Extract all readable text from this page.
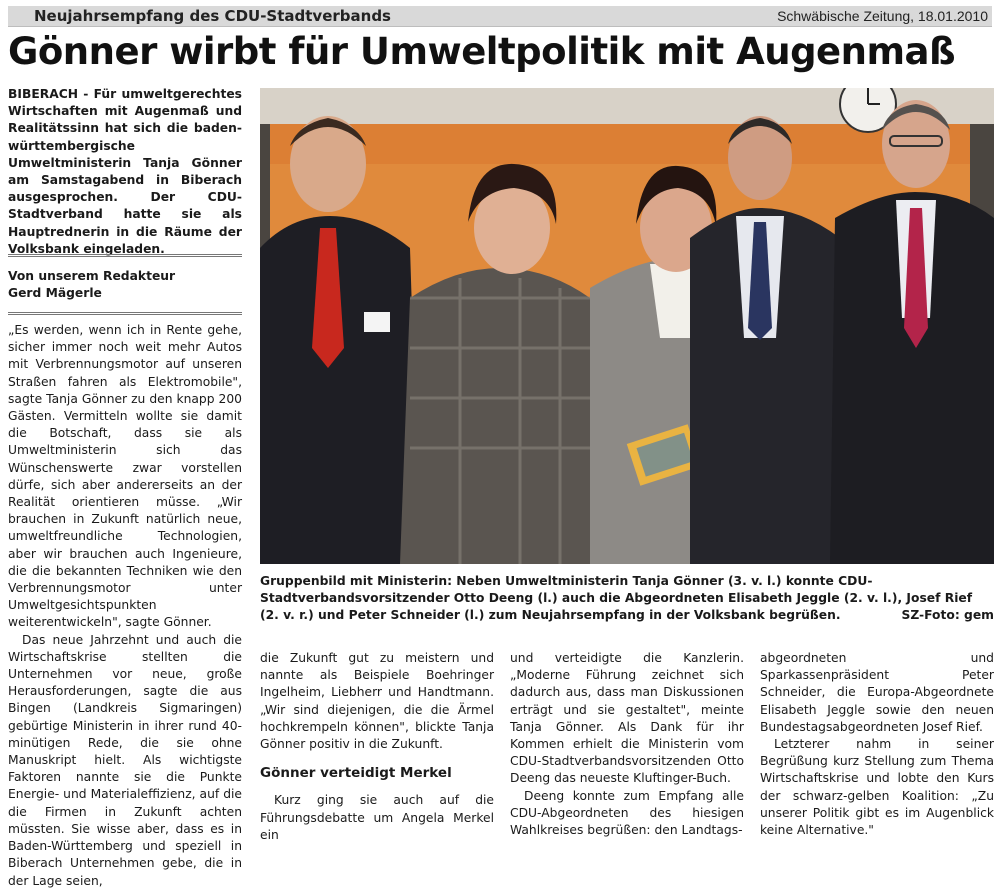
Neujahrsempfang des CDU-Stadtverbands	Schwäbische Zeitung, 18.01.2010
Gönner wirbt für Umweltpolitik mit Augenmaß
BIBERACH - Für umweltgerechtes Wirtschaften mit Augenmaß und Realitätssinn hat sich die baden-württembergische Umweltministerin Tanja Gönner am Samstagabend in Biberach ausgesprochen. Der CDU-Stadtverband hatte sie als Hauptrednerin in die Räume der Volksbank eingeladen.
Von unserem Redakteur
Gerd Mägerle

„Es werden, wenn ich in Rente gehe, sicher immer noch weit mehr Autos mit Verbrennungsmotor auf unseren Straßen fahren als Elektromobile", sagte Tanja Gönner zu den knapp 200 Gästen. Vermitteln wollte sie damit die Botschaft, dass sie als Umweltministerin sich das Wünschenswerte zwar vorstellen dürfe, sich aber andererseits an der Realität orientieren müsse. „Wir brauchen in Zukunft natürlich neue, umweltfreundliche Technologien, aber wir brauchen auch Ingenieure, die die bekannten Techniken wie den Verbrennungsmotor unter Umweltgesichtspunkten weiterentwickeln", sagte Gönner.

Das neue Jahrzehnt und auch die Wirtschaftskrise stellten die Unternehmen vor neue, große Herausforderungen, sagte die aus Bingen (Landkreis Sigmaringen) gebürtige Ministerin in ihrer rund 40-minütigen Rede, die sie ohne Manuskript hielt. Als wichtigste Faktoren nannte sie die Punkte Energie- und Materialeffizienz, auf die die Firmen in Zukunft achten müssten. Sie wisse aber, dass es in Baden-Württemberg und speziell in Biberach Unternehmen gebe, die in der Lage seien,

Gruppenbild mit Ministerin: Neben Umweltministerin Tanja Gönner (3. v. l.) konnte CDU-Stadtverbandsvorsitzender Otto Deeng (l.) auch die Abgeordneten Elisabeth Jeggle (2. v. l.), Josef Rief (2. v. r.) und Peter Schneider (l.) zum Neujahrsempfang in der Volksbank begrüßen.	SZ-Foto: gem

die Zukunft gut zu meistern und nannte als Beispiele Boehringer Ingelheim, Liebherr und Handtmann. „Wir sind diejenigen, die die Ärmel hochkrempeln können", blickte Tanja Gönner positiv in die Zukunft.

Gönner verteidigt Merkel

Kurz ging sie auch auf die Führungsdebatte um Angela Merkel ein

und verteidigte die Kanzlerin. „Moderne Führung zeichnet sich dadurch aus, dass man Diskussionen erträgt und sie gestaltet", meinte Tanja Gönner. Als Dank für ihr Kommen erhielt die Ministerin vom CDU-Stadtverbandsvorsitzenden Otto Deeng das neueste Kluftinger-Buch.

Deeng konnte zum Empfang alle CDU-Abgeordneten des hiesigen Wahlkreises begrüßen: den Landtags-

abgeordneten und Sparkassenpräsident Peter Schneider, die Europa-Abgeordnete Elisabeth Jeggle sowie den neuen Bundestagsabgeordneten Josef Rief.

Letzterer nahm in seiner Begrüßung kurz Stellung zum Thema Wirtschaftskrise und lobte den Kurs der schwarz-gelben Koalition: „Zu unserer Politik gibt es im Augenblick keine Alternative."
